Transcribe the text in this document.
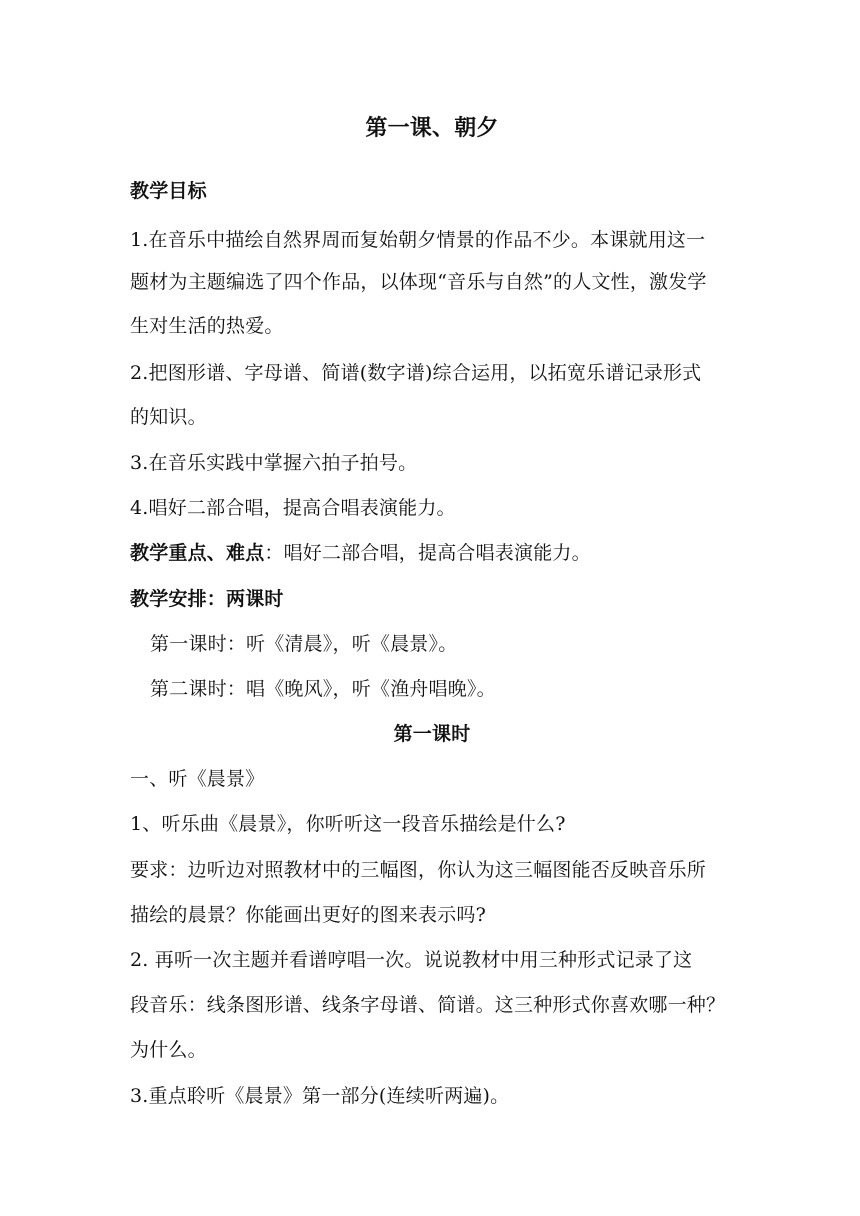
第一课、朝夕
教学目标
1.在音乐中描绘自然界周而复始朝夕情景的作品不少。本课就用这一
题材为主题编选了四个作品，以体现“音乐与自然”的人文性，激发学
生对生活的热爱。
2.把图形谱、字母谱、简谱(数字谱)综合运用，以拓宽乐谱记录形式
的知识。
3.在音乐实践中掌握六拍子拍号。
4.唱好二部合唱，提高合唱表演能力。
教学重点、难点：唱好二部合唱，提高合唱表演能力。
教学安排：两课时
第一课时：听《清晨》，听《晨景》。
第二课时：唱《晚风》，听《渔舟唱晚》。
第一课时
一、听《晨景》
1、听乐曲《晨景》，你听听这一段音乐描绘是什么?
要求：边听边对照教材中的三幅图，你认为这三幅图能否反映音乐所
描绘的晨景？你能画出更好的图来表示吗?
2. 再听一次主题并看谱哼唱一次。说说教材中用三种形式记录了这
段音乐：线条图形谱、线条字母谱、简谱。这三种形式你喜欢哪一种？
为什么。
3.重点聆听《晨景》第一部分(连续听两遍)。
